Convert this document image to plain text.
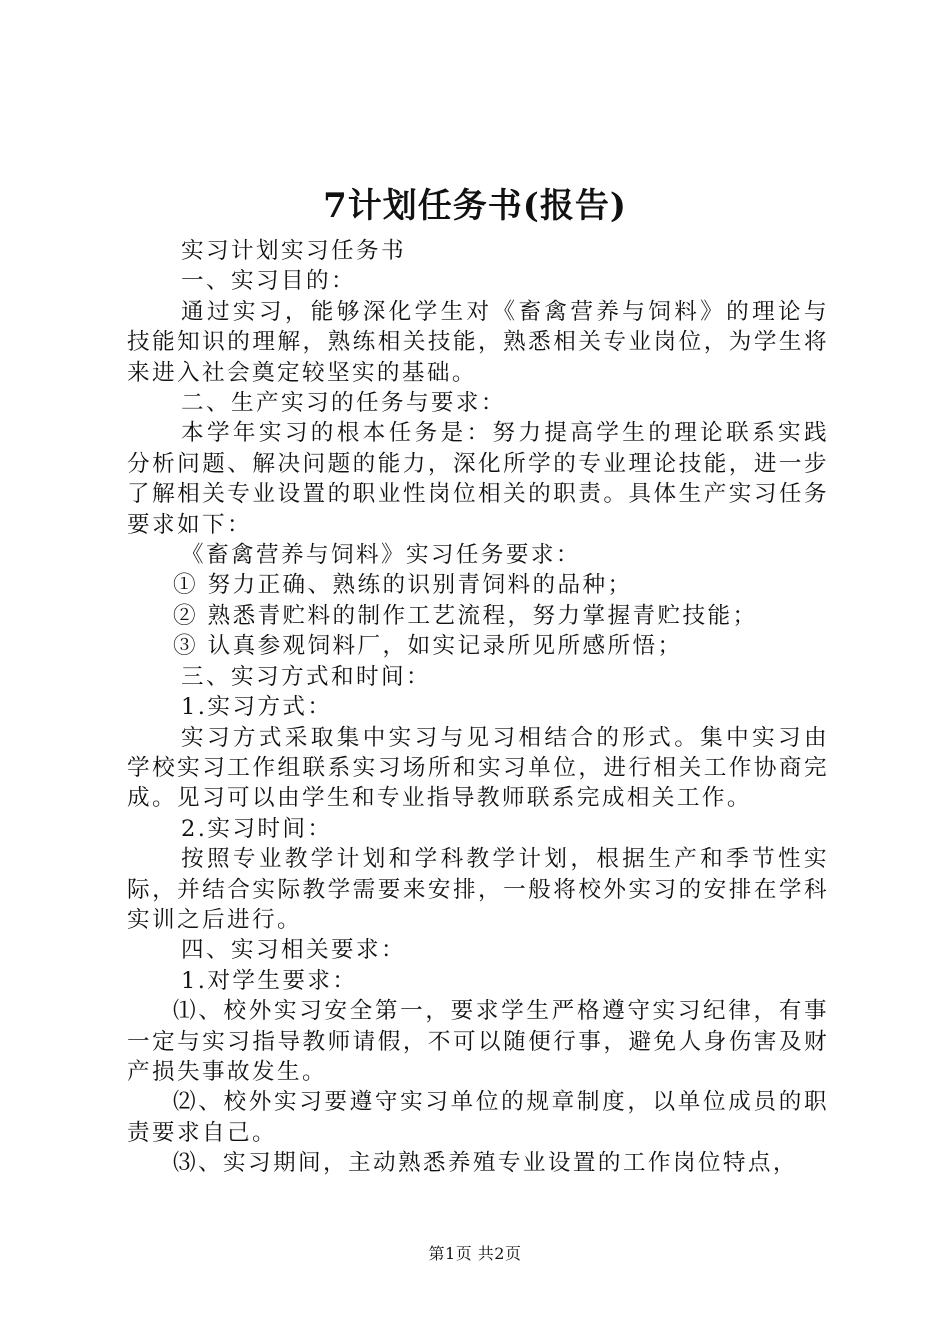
7计划任务书(报告)

实习计划实习任务书

一、实习目的：

通过实习，能够深化学生对《畜禽营养与饲料》的理论与技能知识的理解，熟练相关技能，熟悉相关专业岗位，为学生将来进入社会奠定较坚实的基础。

二、生产实习的任务与要求：

本学年实习的根本任务是：努力提高学生的理论联系实践分析问题、解决问题的能力，深化所学的专业理论技能，进一步了解相关专业设置的职业性岗位相关的职责。具体生产实习任务要求如下：

《畜禽营养与饲料》实习任务要求：

① 努力正确、熟练的识别青饲料的品种；

② 熟悉青贮料的制作工艺流程，努力掌握青贮技能；

③ 认真参观饲料厂，如实记录所见所感所悟；

三、实习方式和时间：

1.实习方式：

实习方式采取集中实习与见习相结合的形式。集中实习由学校实习工作组联系实习场所和实习单位，进行相关工作协商完成。见习可以由学生和专业指导教师联系完成相关工作。

2.实习时间：

按照专业教学计划和学科教学计划，根据生产和季节性实际，并结合实际教学需要来安排，一般将校外实习的安排在学科实训之后进行。

四、实习相关要求：

1.对学生要求：

⑴、校外实习安全第一，要求学生严格遵守实习纪律，有事一定与实习指导教师请假，不可以随便行事，避免人身伤害及财产损失事故发生。

⑵、校外实习要遵守实习单位的规章制度，以单位成员的职责要求自己。

⑶、实习期间，主动熟悉养殖专业设置的工作岗位特点，

第1页 共2页
